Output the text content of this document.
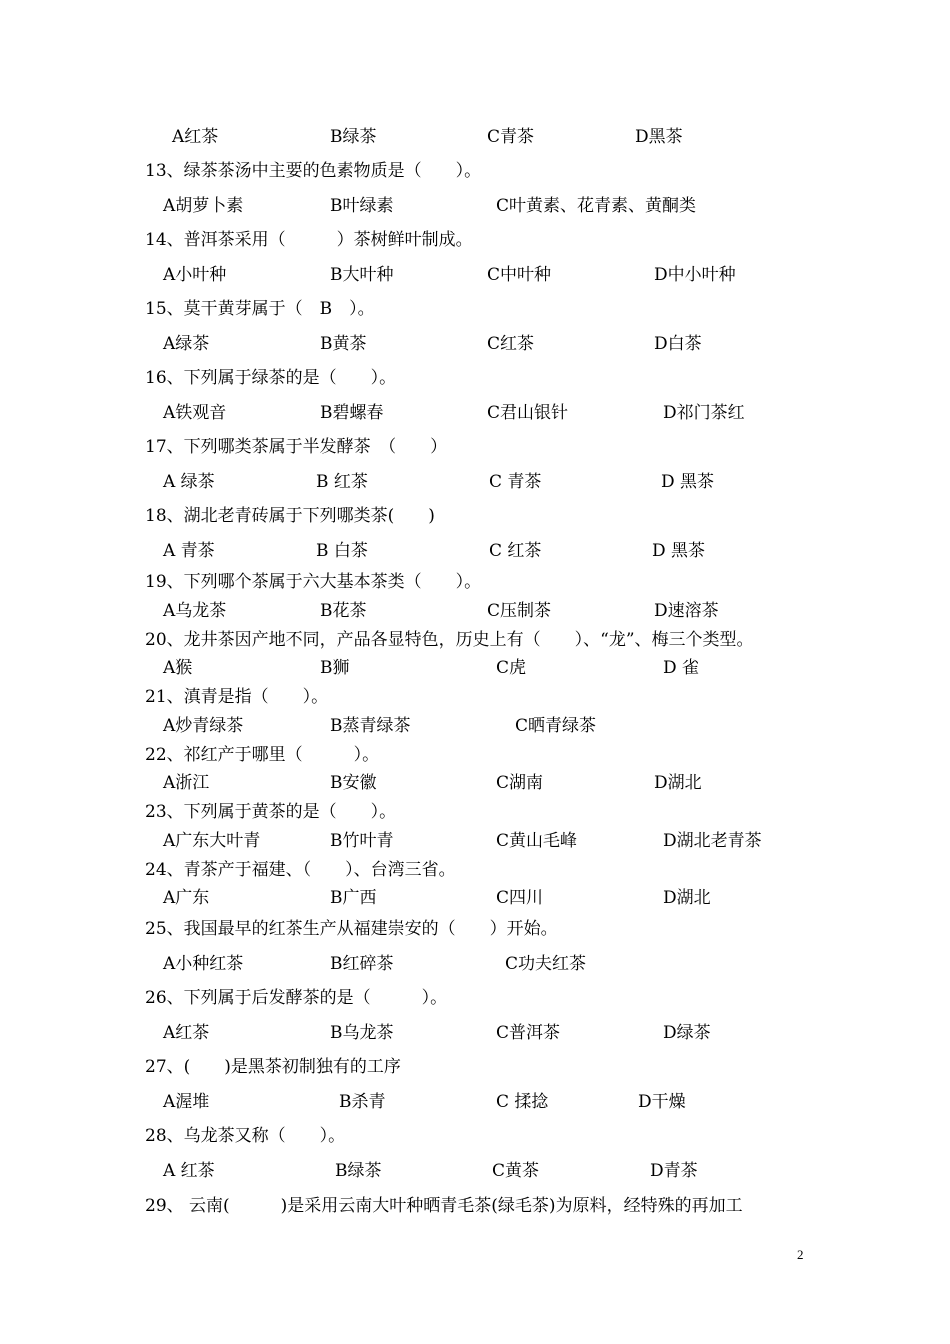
A红茶	B绿茶	C青茶	D黑茶
13、绿茶茶汤中主要的色素物质是（　　）。
A胡萝卜素	B叶绿素	C叶黄素、花青素、黄酮类
14、普洱茶采用（　　　）茶树鲜叶制成。
A小叶种	B大叶种	C中叶种	D中小叶种
15、莫干黄芽属于（　B　）。
A绿茶	B黄茶	C红茶	D白茶
16、下列属于绿茶的是（　　）。
A铁观音	B碧螺春	C君山银针	D祁门茶红
17、下列哪类茶属于半发酵茶　（　　）
A 绿茶	B 红茶	C 青茶	D 黑茶
18、湖北老青砖属于下列哪类茶(　　)
A 青茶	B 白茶	C 红茶	D 黑茶
19、下列哪个茶属于六大基本茶类（　　）。
A乌龙茶	B花茶	C压制茶	D速溶茶
20、龙井茶因产地不同，产品各显特色，历史上有（　　）、“龙”、梅三个类型。
A猴	B狮	C虎	D 雀
21、滇青是指（　　）。
A炒青绿茶	B蒸青绿茶	C晒青绿茶
22、祁红产于哪里（　　　）。
A浙江	B安徽	C湖南	D湖北
23、下列属于黄茶的是（　　）。
A广东大叶青	B竹叶青	C黄山毛峰	D湖北老青茶
24、青茶产于福建、（　　）、台湾三省。
A广东	B广西	C四川	D湖北
25、我国最早的红茶生产从福建崇安的（　　）开始。
A小种红茶	B红碎茶	C功夫红茶
26、下列属于后发酵茶的是（　　　）。
A红茶	B乌龙茶	C普洱茶	D绿茶
27、(　　)是黑茶初制独有的工序
A渥堆	B杀青	C 揉捻	D干燥
28、乌龙茶又称（　　）。
A 红茶	B绿茶	C黄茶	D青茶
29、 云南(　　　)是采用云南大叶种晒青毛茶(绿毛茶)为原料，经特殊的再加工
2
